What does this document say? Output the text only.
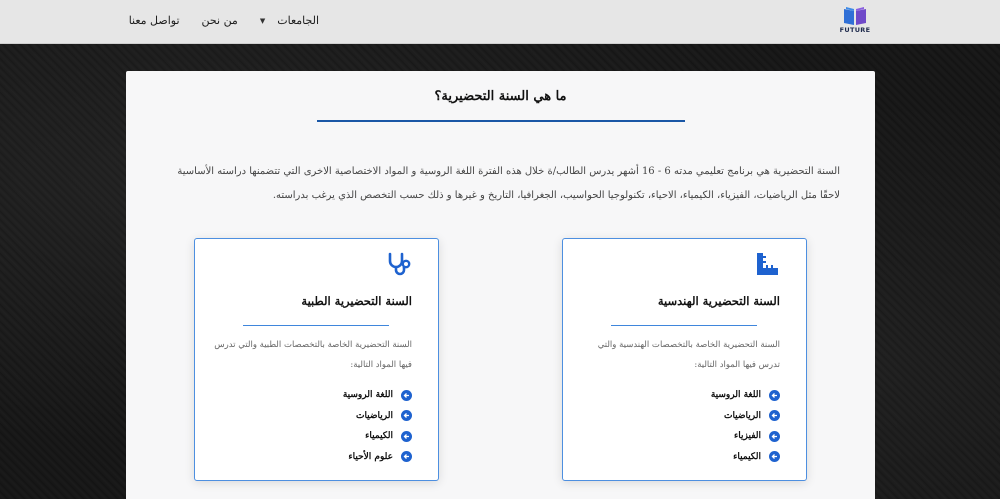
FUTURE
الجامعات
▼
من نحن
تواصل معنا
ما هي السنة التحضيرية؟

السنة التحضيرية هي برنامج تعليمي مدته 6 - 16 أشهر يدرس الطالب/ة خلال هذه الفترة اللغة الروسية و المواد الاختصاصية الاخرى التي تتضمنها دراسته الأساسية لاحقًا مثل الرياضيات، الفيزياء، الكيمياء، الاحياء، تكنولوجيا الحواسيب، الجغرافيا، التاريخ و غيرها و ذلك حسب التخصص الذي يرغب بدراسته.

السنة التحضيرية الهندسية

السنة التحضيرية الخاصة بالتخصصات الهندسية والتي تدرس فيها المواد التالية:

اللغة الروسية
الرياضيات
الفيزياء
الكيمياء
السنة التحضيرية الطبية

السنة التحضيرية الخاصة بالتخصصات الطبية والتي تدرس فيها المواد التالية:

اللغة الروسية
الرياضيات
الكيمياء
علوم الأحياء
